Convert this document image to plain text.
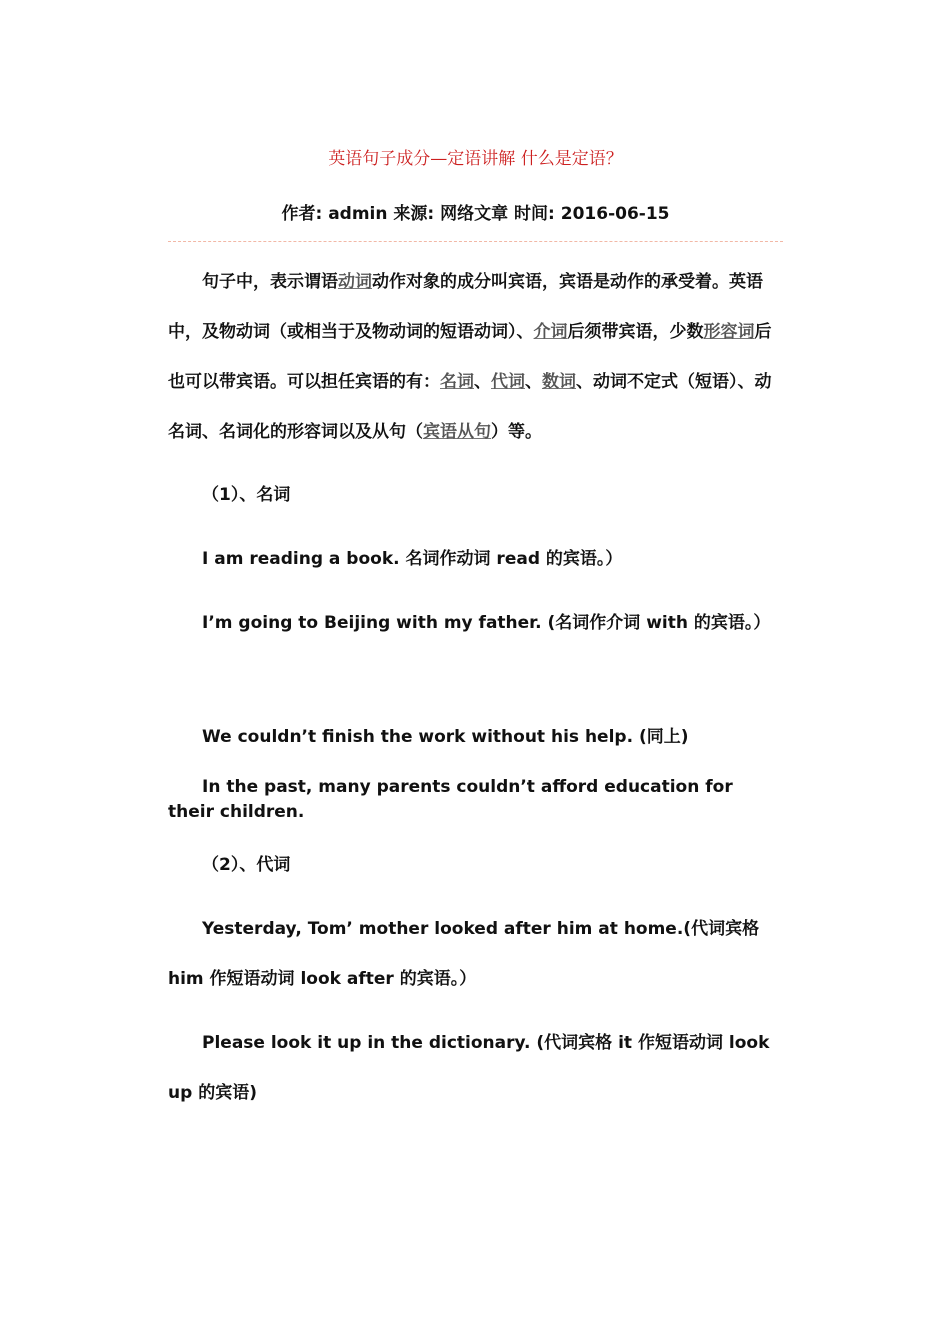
英语句子成分—定语讲解 什么是定语？
作者: admin 来源: 网络文章 时间: 2016-06-15
句子中，表示谓语动词动作对象的成分叫宾语，宾语是动作的承受着。英语中，及物动词（或相当于及物动词的短语动词）、介词后须带宾语，少数形容词后也可以带宾语。可以担任宾语的有：名词、代词、数词、动词不定式（短语）、动名词、名词化的形容词以及从句（宾语从句）等。
（1）、名词
I am reading a book. 名词作动词 read 的宾语。）
I’m going to Beijing with my father. (名词作介词 with 的宾语。）
We couldn’t finish the work without his help. (同上)
In the past, many parents couldn’t afford education for their children.
（2）、代词
Yesterday, Tom’ mother looked after him at home.(代词宾格 him 作短语动词 look after 的宾语。）
Please look it up in the dictionary. (代词宾格 it 作短语动词 look up 的宾语)
